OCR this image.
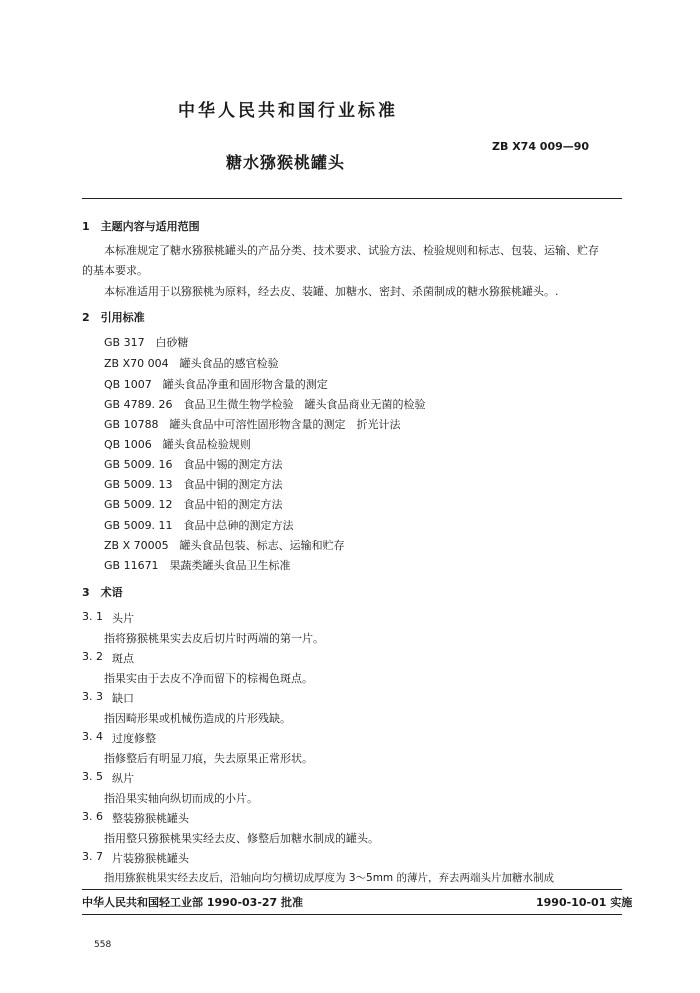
中华人民共和国行业标准
ZB X74 009—90
糖水猕猴桃罐头
1　主题内容与适用范围
本标准规定了糖水猕猴桃罐头的产品分类、技术要求、试验方法、检验规则和标志、包装、运输、贮存
的基本要求。
本标准适用于以猕猴桃为原料，经去皮、装罐、加糖水、密封、杀菌制成的糖水猕猴桃罐头。.
2　引用标准
GB 317　白砂糖
ZB X70 004　罐头食品的感官检验
QB 1007　罐头食品净重和固形物含量的测定
GB 4789. 26　食品卫生微生物学检验　罐头食品商业无菌的检验
GB 10788　罐头食品中可溶性固形物含量的测定　折光计法
QB 1006　罐头食品检验规则
GB 5009. 16　食品中锡的测定方法
GB 5009. 13　食品中铜的测定方法
GB 5009. 12　食品中铅的测定方法
GB 5009. 11　食品中总砷的测定方法
ZB X 70005　罐头食品包装、标志、运输和贮存
GB 11671　果蔬类罐头食品卫生标准
3　术语
3. 1 头片
指将猕猴桃果实去皮后切片时两端的第一片。
3. 2 斑点
指果实由于去皮不净而留下的棕褐色斑点。
3. 3 缺口
指因畸形果或机械伤造成的片形残缺。
3. 4 过度修整
指修整后有明显刀痕，失去原果正常形状。
3. 5 纵片
指沿果实轴向纵切而成的小片。
3. 6 整装猕猴桃罐头
指用整只猕猴桃果实经去皮、修整后加糖水制成的罐头。
3. 7 片装猕猴桃罐头
指用猕猴桃果实经去皮后，沿轴向均匀横切成厚度为 3～5mm 的薄片，弃去两端头片加糖水制成
中华人民共和国轻工业部 1990-03-27 批准	1990-10-01 实施
558
